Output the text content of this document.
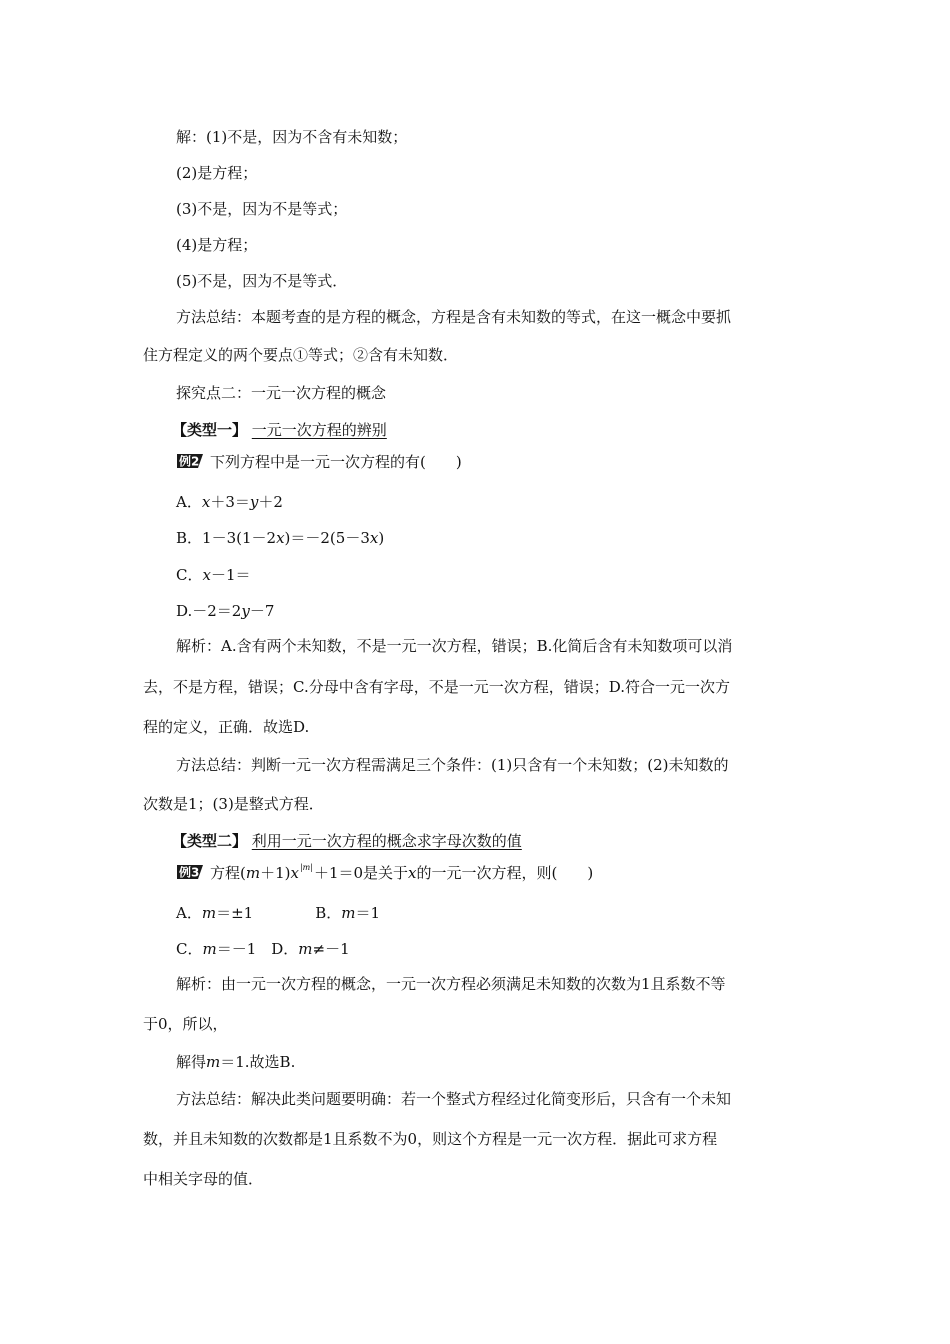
解：(1)不是，因为不含有未知数；
(2)是方程；
(3)不是，因为不是等式；
(4)是方程；
(5)不是，因为不是等式．
方法总结：本题考查的是方程的概念，方程是含有未知数的等式，在这一概念中要抓
住方程定义的两个要点①等式；②含有未知数．
探究点二：一元一次方程的概念
【类型一】 一元一次方程的辨别
例2 下列方程中是一元一次方程的有(　　)
A．x＋3＝y＋2
B．1－3(1－2x)＝－2(5－3x)
C．x－1＝
D.－2＝2y－7
解析：A.含有两个未知数，不是一元一次方程，错误；B.化简后含有未知数项可以消
去，不是方程，错误；C.分母中含有字母，不是一元一次方程，错误；D.符合一元一次方
程的定义，正确．故选D.
方法总结：判断一元一次方程需满足三个条件：(1)只含有一个未知数；(2)未知数的
次数是1；(3)是整式方程．
【类型二】 利用一元一次方程的概念求字母次数的值
例3 方程$(m+1)x^{|m|}+1=0$是关于x的一元一次方程，则(　　)
A．m＝±1	B．m＝1
C．m＝－1　D．m≠－1
解析：由一元一次方程的概念，一元一次方程必须满足未知数的次数为1且系数不等
于0，所以，
解得m＝1.故选B.
方法总结：解决此类问题要明确：若一个整式方程经过化简变形后，只含有一个未知
数，并且未知数的次数都是1且系数不为0，则这个方程是一元一次方程．据此可求方程
中相关字母的值．
